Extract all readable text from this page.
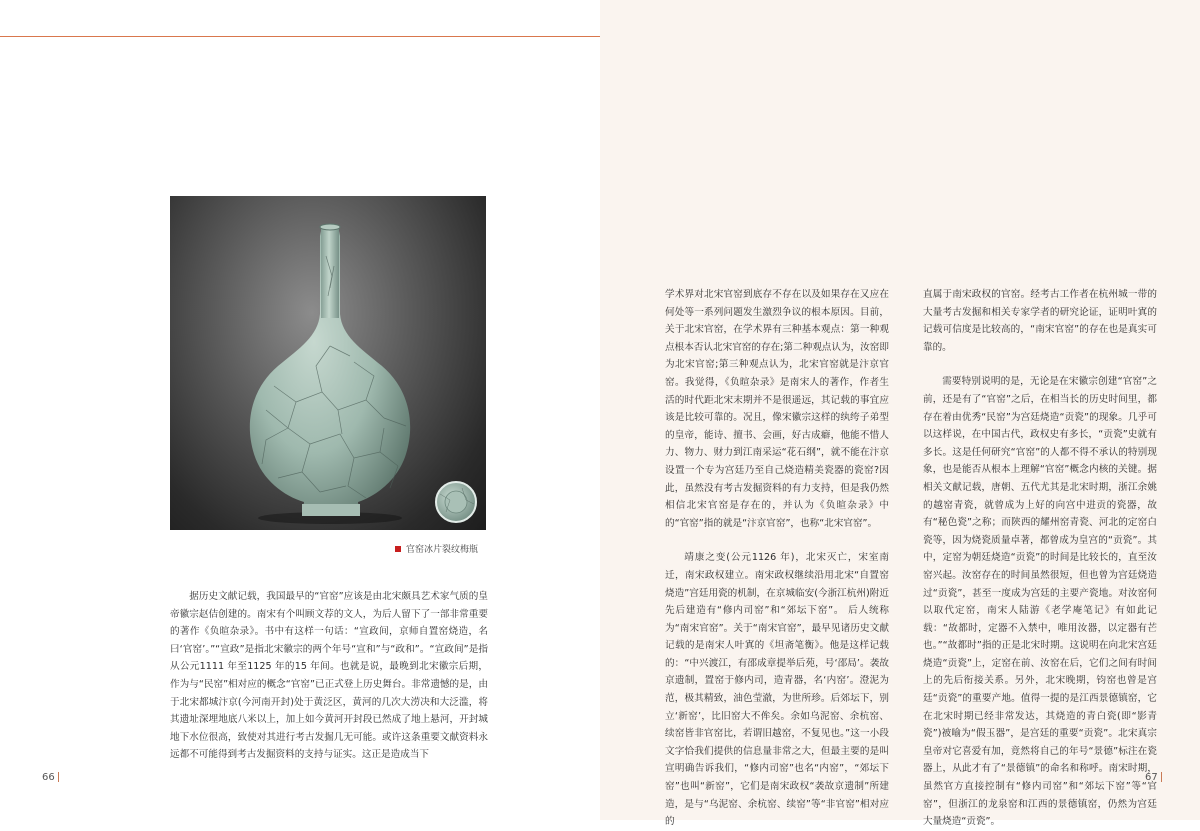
官窑冰片裂纹梅瓶

据历史文献记载，我国最早的“官窑”应该是由北宋颇具艺术家气质的皇帝徽宗赵佶创建的。南宋有个叫顾文荐的文人，为后人留下了一部非常重要的著作《负暄杂录》。书中有这样一句话：“宣政间，京师自置窑烧造，名曰‘官窑’。”“宣政”是指北宋徽宗的两个年号“宣和”与“政和”。“宣政间”是指从公元1111 年至1125 年的15 年间。也就是说，最晚到北宋徽宗后期，作为与“民窑”相对应的概念“官窑”已正式登上历史舞台。非常遗憾的是，由于北宋都城汴京(今河南开封)处于黄泛区，黄河的几次大涝决和大泛滥，将其遗址深埋地底八米以上，加上如今黄河开封段已然成了地上悬河，开封城地下水位很高，致使对其进行考古发掘几无可能。或许这条重要文献资料永远都不可能得到考古发掘资料的支持与证实。这正是造成当下

学术界对北宋官窑到底存不存在以及如果存在又应在何处等一系列问题发生激烈争议的根本原因。目前，关于北宋官窑，在学术界有三种基本观点：第一种观点根本否认北宋官窑的存在;第二种观点认为，汝窑即为北宋官窑;第三种观点认为，北宋官窑就是汴京官窑。我觉得，《负暄杂录》是南宋人的著作，作者生活的时代距北宋末期并不是很遥远，其记载的事宜应该是比较可靠的。况且，像宋徽宗这样的纨绔子弟型的皇帝，能诗、擅书、会画，好古成癖，他能不惜人力、物力、财力到江南采运“花石纲”，就不能在汴京设置一个专为宫廷乃至自己烧造精美瓷器的瓷窑?因此，虽然没有考古发掘资料的有力支持，但是我仍然相信北宋官窑是存在的，并认为《负暄杂录》中的“官窑”指的就是“汴京官窑”，也称“北宋官窑”。

靖康之变(公元1126 年)，北宋灭亡，宋室南迁，南宋政权建立。南宋政权继续沿用北宋“自置窑烧造”宫廷用瓷的机制，在京城临安(今浙江杭州)附近先后建造有“修内司窑”和“郊坛下窑”。 后人统称为“南宋官窑”。关于“南宋官窑”，最早见诸历史文献记载的是南宋人叶寘的《坦斋笔衡》。他是这样记载的：“中兴渡江，有邵成章提举后苑，号‘邵局’。袭故京遗制，置窑于修内司，造青器，名‘内窑’。澄泥为范，极其精致，油色莹澈，为世所珍。后郊坛下，别立‘新窑’，比旧窑大不侔矣。余如乌泥窑、余杭窑、续窑皆非官窑比，若谓旧越窑，不复见也。”这一小段文字恰我们提供的信息量非常之大，但最主要的是叫宣明确告诉我们，“修内司窑”也名“内窑”，“郊坛下窑”也叫“新窑”，它们是南宋政权“袭故京遗制”所建造，是与“乌泥窑、余杭窑、续窑”等“非官窑”相对应的

直属于南宋政权的官窑。经考古工作者在杭州城一带的大量考古发掘和相关专家学者的研究论证，证明叶寘的记载可信度是比较高的，“南宋官窑”的存在也是真实可靠的。

需要特别说明的是，无论是在宋徽宗创建“官窑”之前，还是有了“官窑”之后，在相当长的历史时间里，都存在着由优秀“民窑”为宫廷烧造“贡瓷”的现象。几乎可以这样说，在中国古代，政权史有多长，“贡瓷”史就有多长。这是任何研究“官窑”的人都不得不承认的特别现象，也是能否从根本上理解“官窑”概念内核的关键。据相关文献记载，唐朝、五代尤其是北宋时期，浙江余姚的越窑青瓷，就曾成为上好的向宫中进贡的瓷器，故有“秘色瓷”之称；而陕西的耀州窑青瓷、河北的定窑白瓷等，因为烧瓷质量卓著，都曾成为皇宫的“贡瓷”。其中，定窑为朝廷烧造“贡瓷”的时间是比较长的，直至汝窑兴起。汝窑存在的时间虽然很短，但也曾为宫廷烧造过“贡瓷”，甚至一度成为宫廷的主要产瓷地。对汝窑何以取代定窑，南宋人陆游《老学庵笔记》有如此记载：“故都时，定器不入禁中，唯用汝器，以定器有芒也。”“故都时”指的正是北宋时期。这说明在向北宋宫廷烧造“贡瓷”上，定窑在前、汝窑在后，它们之间有时间上的先后衔接关系。另外，北宋晚期，钧窑也曾是宫廷“贡瓷”的重要产地。值得一提的是江西景德镇窑，它在北宋时期已经非常发达，其烧造的青白瓷(即“影青瓷”)被喻为“假玉器”，是宫廷的重要“贡瓷”。北宋真宗皇帝对它喜爱有加，竟然将自己的年号“景德”标注在瓷器上，从此才有了“景德镇”的命名和称呼。南宋时期，虽然官方直接控制有“修内司窑”和“郊坛下窑”等“官窑”，但浙江的龙泉窑和江西的景德镇窑，仍然为宫廷大量烧造“贡瓷”。

66	67
